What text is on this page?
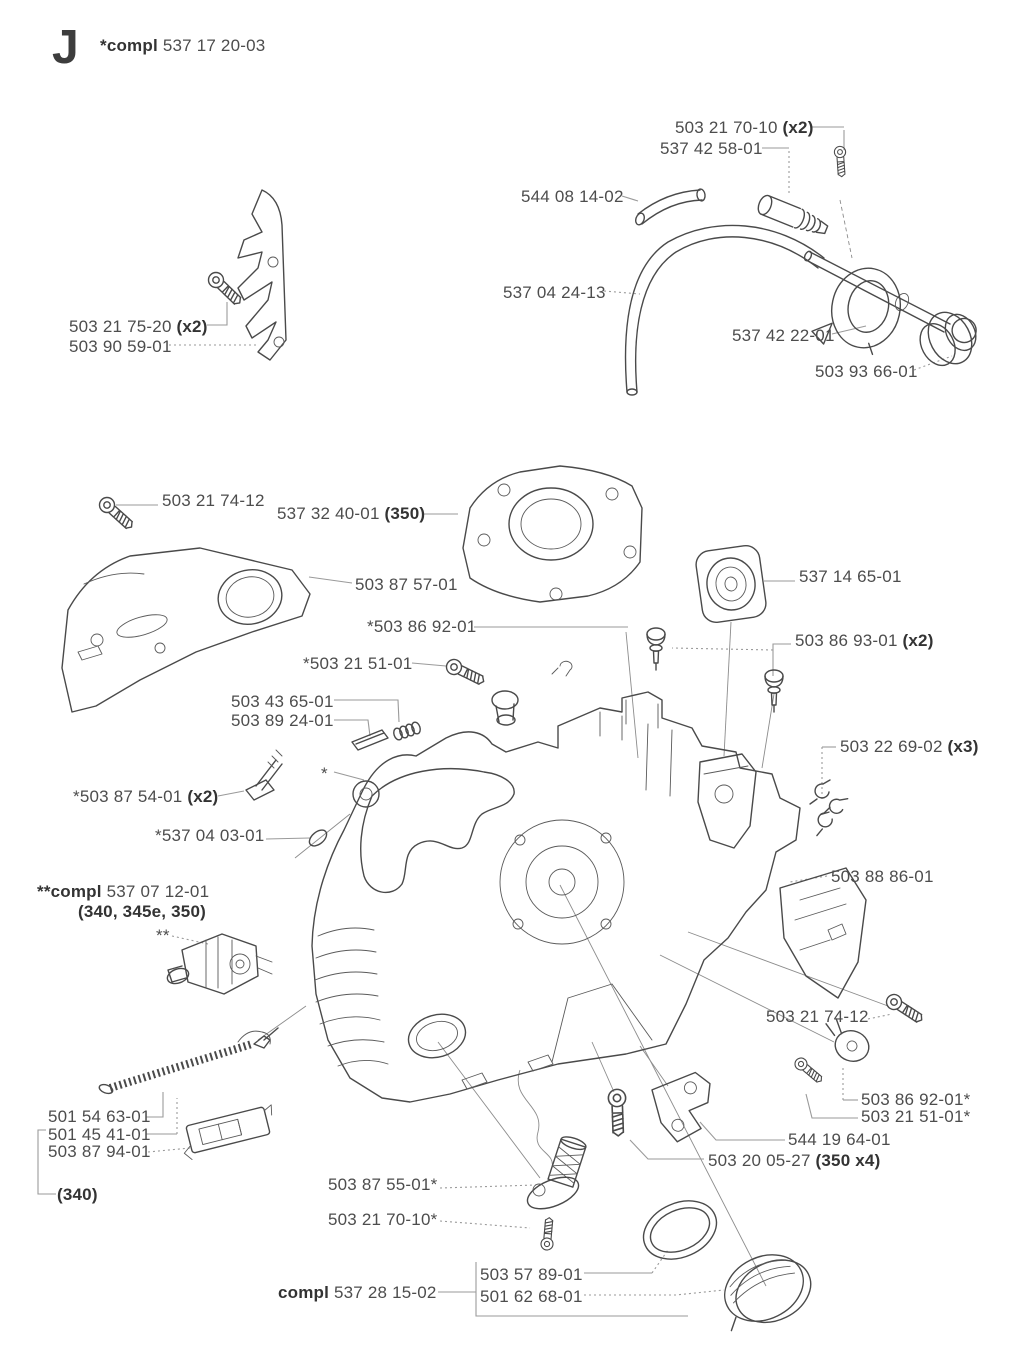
J *compl 537 17 20-03
503 21 70-10 (x2)
537 42 58-01
544 08 14-02
537 04 24-13
537 42 22-01
503 93 66-01
503 21 75-20 (x2)
503 90 59-01
503 21 74-12
537 32 40-01 (350)
503 87 57-01
*503 86 92-01
*503 21 51-01
503 43 65-01
503 89 24-01
*503 87 54-01 (x2)
*537 04 03-01
*
537 14 65-01
503 86 93-01 (x2)
503 22 69-02 (x3)
503 88 86-01
**compl 537 07 12-01
(340, 345e, 350)
**
503 21 74-12
503 86 92-01*
503 21 51-01*
544 19 64-01
503 20 05-27 (350 x4)
501 54 63-01
501 45 41-01
503 87 94-01
(340)
503 87 55-01*
503 21 70-10*
compl 537 28 15-02
503 57 89-01
501 62 68-01
